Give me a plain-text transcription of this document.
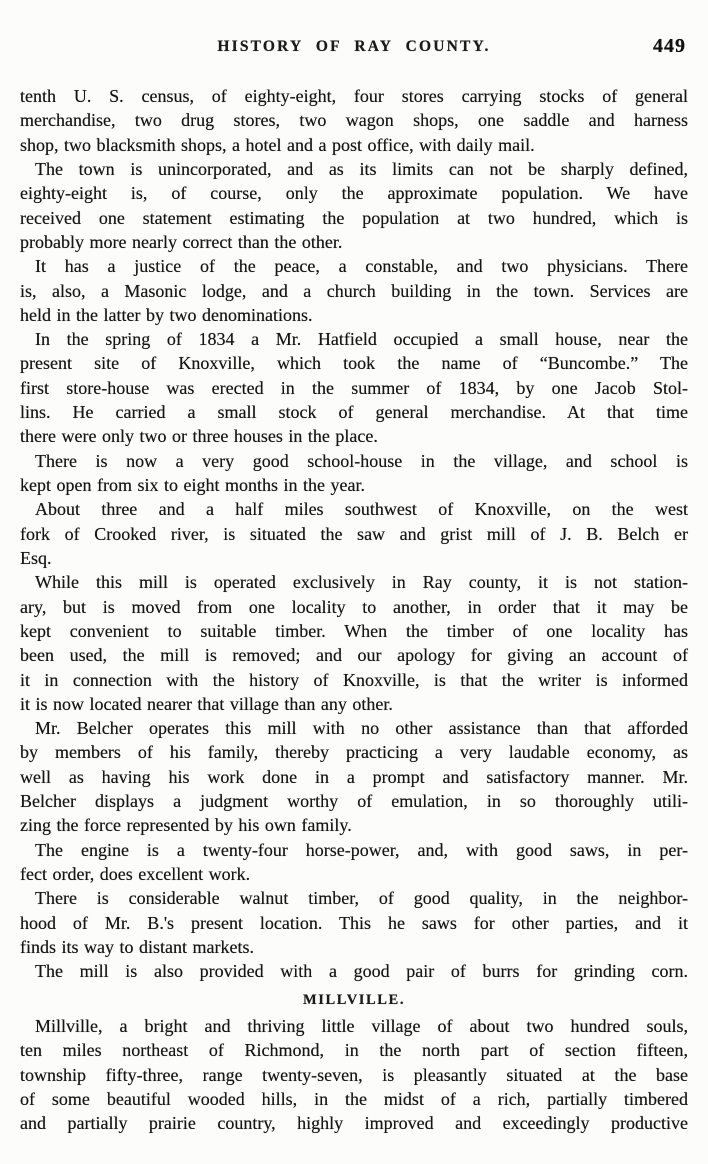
HISTORY OF RAY COUNTY.	449
tenth U. S. census, of eighty-eight, four stores carrying stocks of general
merchandise, two drug stores, two wagon shops, one saddle and harness
shop, two blacksmith shops, a hotel and a post office, with daily mail.
The town is unincorporated, and as its limits can not be sharply defined,
eighty-eight is, of course, only the approximate population. We have
received one statement estimating the population at two hundred, which is
probably more nearly correct than the other.
It has a justice of the peace, a constable, and two physicians. There
is, also, a Masonic lodge, and a church building in the town. Services are
held in the latter by two denominations.
In the spring of 1834 a Mr. Hatfield occupied a small house, near the
present site of Knoxville, which took the name of “Buncombe.” The
first store-house was erected in the summer of 1834, by one Jacob Stol-
lins. He carried a small stock of general merchandise. At that time
there were only two or three houses in the place.
There is now a very good school-house in the village, and school is
kept open from six to eight months in the year.
About three and a half miles southwest of Knoxville, on the west
fork of Crooked river, is situated the saw and grist mill of J. B. Belch er
Esq.
While this mill is operated exclusively in Ray county, it is not station-
ary, but is moved from one locality to another, in order that it may be
kept convenient to suitable timber. When the timber of one locality has
been used, the mill is removed; and our apology for giving an account of
it in connection with the history of Knoxville, is that the writer is informed
it is now located nearer that village than any other.
Mr. Belcher operates this mill with no other assistance than that afforded
by members of his family, thereby practicing a very laudable economy, as
well as having his work done in a prompt and satisfactory manner. Mr.
Belcher displays a judgment worthy of emulation, in so thoroughly utili-
zing the force represented by his own family.
The engine is a twenty-four horse-power, and, with good saws, in per-
fect order, does excellent work.
There is considerable walnut timber, of good quality, in the neighbor-
hood of Mr. B.'s present location. This he saws for other parties, and it
finds its way to distant markets.
The mill is also provided with a good pair of burrs for grinding corn.
MILLVILLE.
Millville, a bright and thriving little village of about two hundred souls,
ten miles northeast of Richmond, in the north part of section fifteen,
township fifty-three, range twenty-seven, is pleasantly situated at the base
of some beautiful wooded hills, in the midst of a rich, partially timbered
and partially prairie country, highly improved and exceedingly productive
